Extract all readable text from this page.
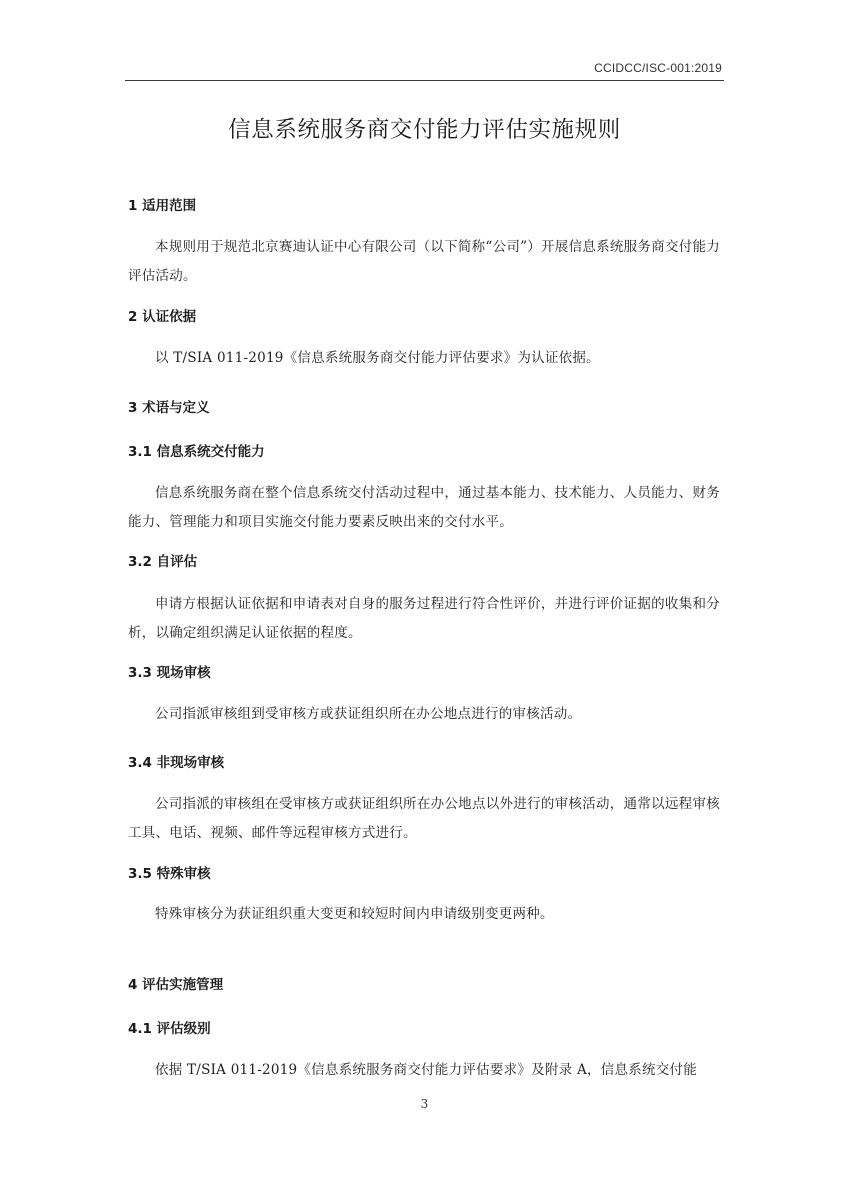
CCIDCC/ISC-001:2019
信息系统服务商交付能力评估实施规则
1 适用范围
本规则用于规范北京赛迪认证中心有限公司（以下简称“公司”）开展信息系统服务商交付能力评估活动。
2 认证依据
以 T/SIA 011-2019《信息系统服务商交付能力评估要求》为认证依据。
3 术语与定义
3.1 信息系统交付能力
信息系统服务商在整个信息系统交付活动过程中，通过基本能力、技术能力、人员能力、财务能力、管理能力和项目实施交付能力要素反映出来的交付水平。
3.2 自评估
申请方根据认证依据和申请表对自身的服务过程进行符合性评价，并进行评价证据的收集和分析，以确定组织满足认证依据的程度。
3.3 现场审核
公司指派审核组到受审核方或获证组织所在办公地点进行的审核活动。
3.4 非现场审核
公司指派的审核组在受审核方或获证组织所在办公地点以外进行的审核活动，通常以远程审核工具、电话、视频、邮件等远程审核方式进行。
3.5 特殊审核
特殊审核分为获证组织重大变更和较短时间内申请级别变更两种。
4 评估实施管理
4.1 评估级别
依据 T/SIA 011-2019《信息系统服务商交付能力评估要求》及附录 A，信息系统交付能
3
